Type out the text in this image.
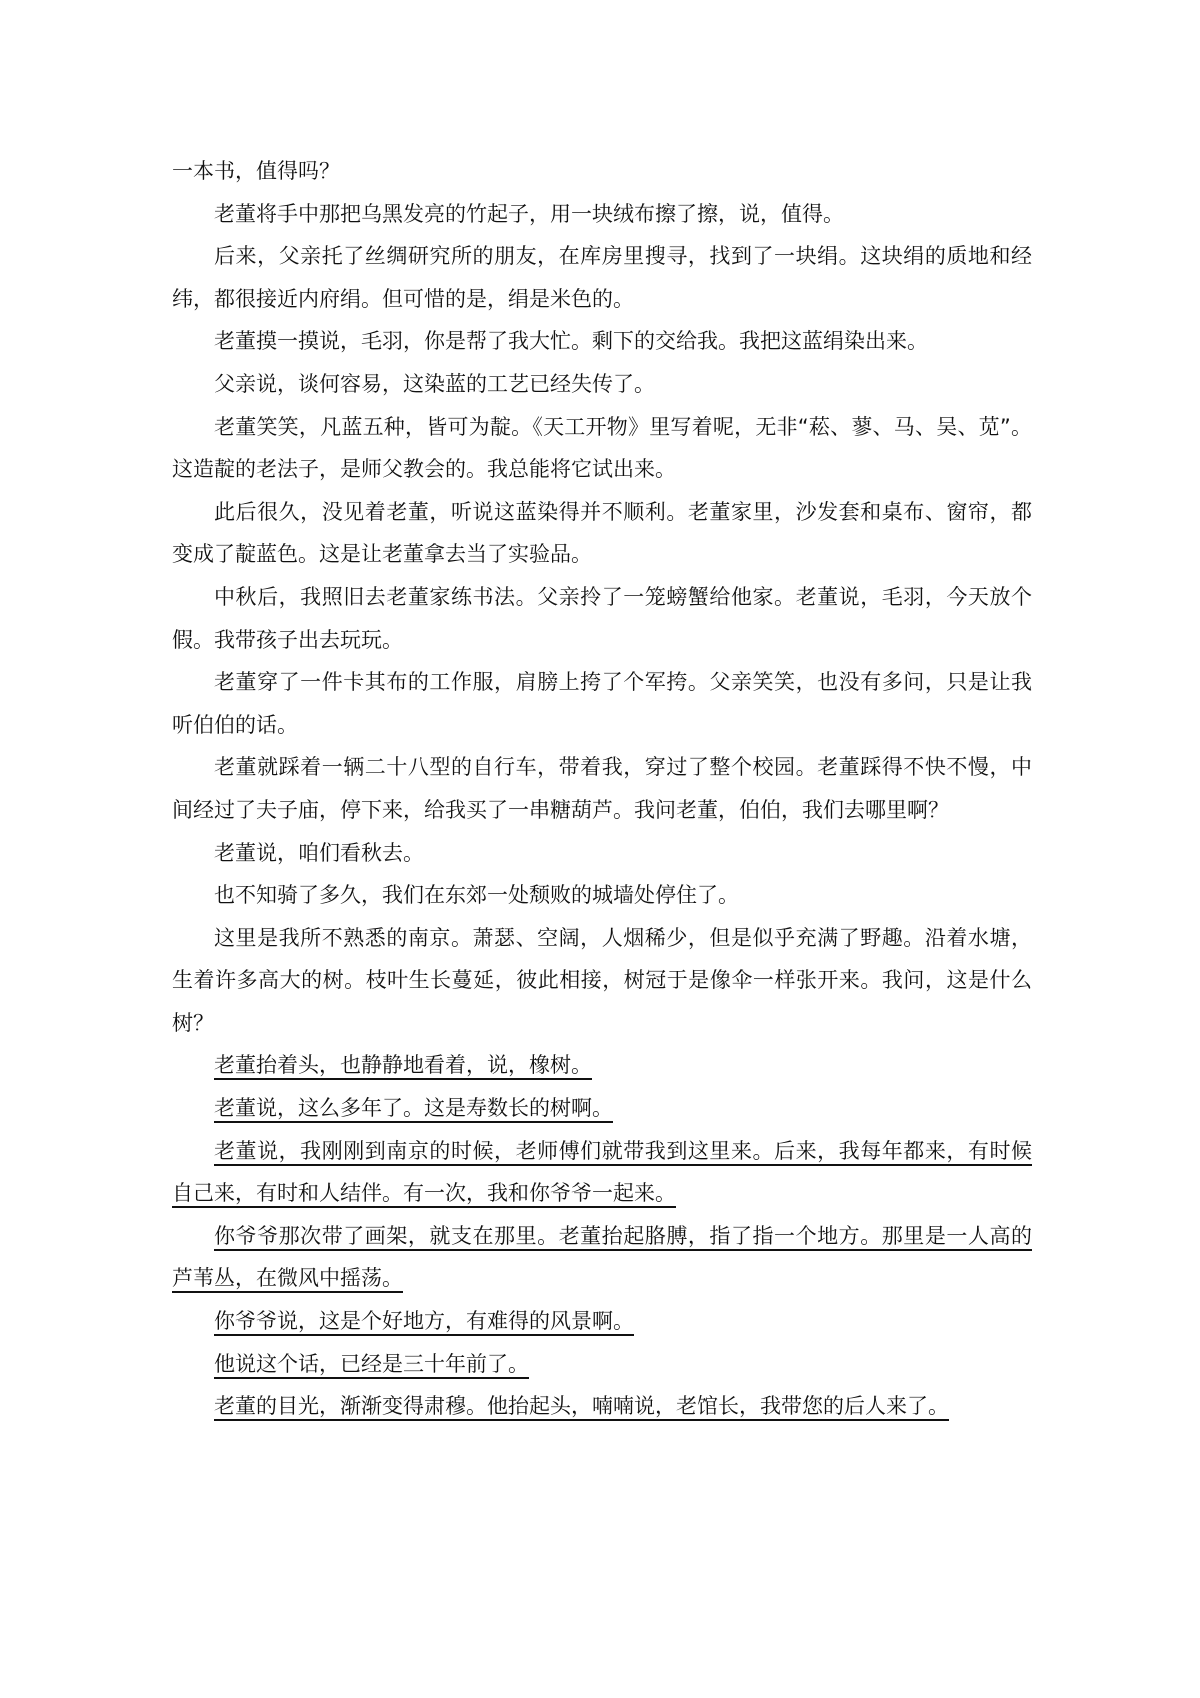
一本书，值得吗？

老董将手中那把乌黑发亮的竹起子，用一块绒布擦了擦，说，值得。

后来，父亲托了丝绸研究所的朋友，在库房里搜寻，找到了一块绢。这块绢的质地和经纬，都很接近内府绢。但可惜的是，绢是米色的。

老董摸一摸说，毛羽，你是帮了我大忙。剩下的交给我。我把这蓝绢染出来。

父亲说，谈何容易，这染蓝的工艺已经失传了。

老董笑笑，凡蓝五种，皆可为靛。《天工开物》里写着呢，无非“菘、蓼、马、吴、苋”。这造靛的老法子，是师父教会的。我总能将它试出来。

此后很久，没见着老董，听说这蓝染得并不顺利。老董家里，沙发套和桌布、窗帘，都变成了靛蓝色。这是让老董拿去当了实验品。

中秋后，我照旧去老董家练书法。父亲拎了一笼螃蟹给他家。老董说，毛羽，今天放个假。我带孩子出去玩玩。

老董穿了一件卡其布的工作服，肩膀上挎了个军挎。父亲笑笑，也没有多问，只是让我听伯伯的话。

老董就踩着一辆二十八型的自行车，带着我，穿过了整个校园。老董踩得不快不慢，中间经过了夫子庙，停下来，给我买了一串糖葫芦。我问老董，伯伯，我们去哪里啊？

老董说，咱们看秋去。

也不知骑了多久，我们在东郊一处颓败的城墙处停住了。

这里是我所不熟悉的南京。萧瑟、空阔，人烟稀少，但是似乎充满了野趣。沿着水塘，生着许多高大的树。枝叶生长蔓延，彼此相接，树冠于是像伞一样张开来。我问，这是什么树？

老董抬着头，也静静地看着，说，橡树。

老董说，这么多年了。这是寿数长的树啊。

老董说，我刚刚到南京的时候，老师傅们就带我到这里来。后来，我每年都来，有时候自己来，有时和人结伴。有一次，我和你爷爷一起来。

你爷爷那次带了画架，就支在那里。老董抬起胳膊，指了指一个地方。那里是一人高的芦苇丛，在微风中摇荡。

你爷爷说，这是个好地方，有难得的风景啊。

他说这个话，已经是三十年前了。

老董的目光，渐渐变得肃穆。他抬起头，喃喃说，老馆长，我带您的后人来了。
